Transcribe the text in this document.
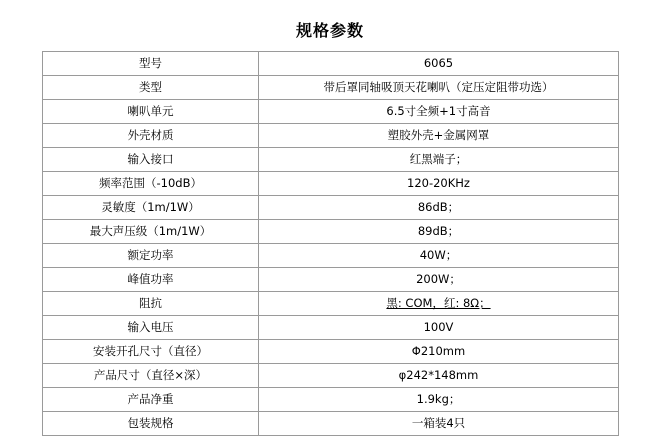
规格参数
型号	6065
类型	带后罩同轴吸顶天花喇叭（定压定阻带功选）
喇叭单元	6.5寸全频+1寸高音
外壳材质	塑胶外壳+金属网罩
输入接口	红黑端子；
频率范围（-10dB）	120-20KHz
灵敏度（1m/1W）	86dB；
最大声压级（1m/1W）	89dB；
额定功率	40W；
峰值功率	200W；
阻抗	黑: COM，红: 8Ω；
输入电压	100V
安装开孔尺寸（直径）	Φ210mm
产品尺寸（直径×深）	φ242*148mm
产品净重	1.9kg；
包装规格	一箱装4只
